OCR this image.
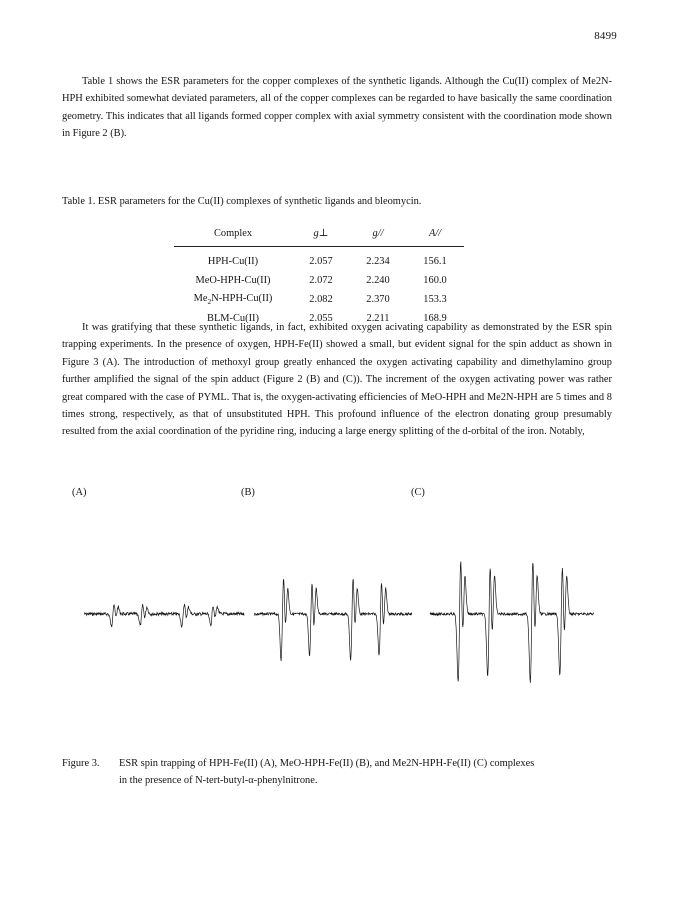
8499

Table 1 shows the ESR parameters for the copper complexes of the synthetic ligands. Although the Cu(II) complex of Me2N-HPH exhibited somewhat deviated parameters, all of the copper complexes can be regarded to have basically the same coordination geometry. This indicates that all ligands formed copper complex with axial symmetry consistent with the coordination mode shown in Figure 2 (B).

Table 1. ESR parameters for the Cu(II) complexes of synthetic ligands and bleomycin.

Complex	g⊥	g//	A//
HPH-Cu(II)	2.057	2.234	156.1
MeO-HPH-Cu(II)	2.072	2.240	160.0
$Me_2N-HPH-Cu(II)$	2.082	2.370	153.3
BLM-Cu(II)	2.055	2.211	168.9

It was gratifying that these synthetic ligands, in fact, exhibited oxygen acivating capability as demonstrated by the ESR spin trapping experiments. In the presence of oxygen, HPH-Fe(II) showed a small, but evident signal for the spin adduct as shown in Figure 3 (A). The introduction of methoxyl group greatly enhanced the oxygen activating capability and dimethylamino group further amplified the signal of the spin adduct (Figure 2 (B) and (C)). The increment of the oxygen activating power was rather great compared with the case of PYML. That is, the oxygen-activating efficiencies of MeO-HPH and Me2N-HPH are 5 times and 8 times strong, respectively, as that of unsubstituted HPH. This profound influence of the electron donating group presumably resulted from the axial coordination of the pyridine ring, inducing a large energy splitting of the d-orbital of the iron. Notably,

(A)	(B)	(C)
Figure 3. ESR spin trapping of HPH-Fe(II) (A), MeO-HPH-Fe(II) (B), and Me2N-HPH-Fe(II) (C) complexes
in the presence of N-tert-butyl-α-phenylnitrone.
